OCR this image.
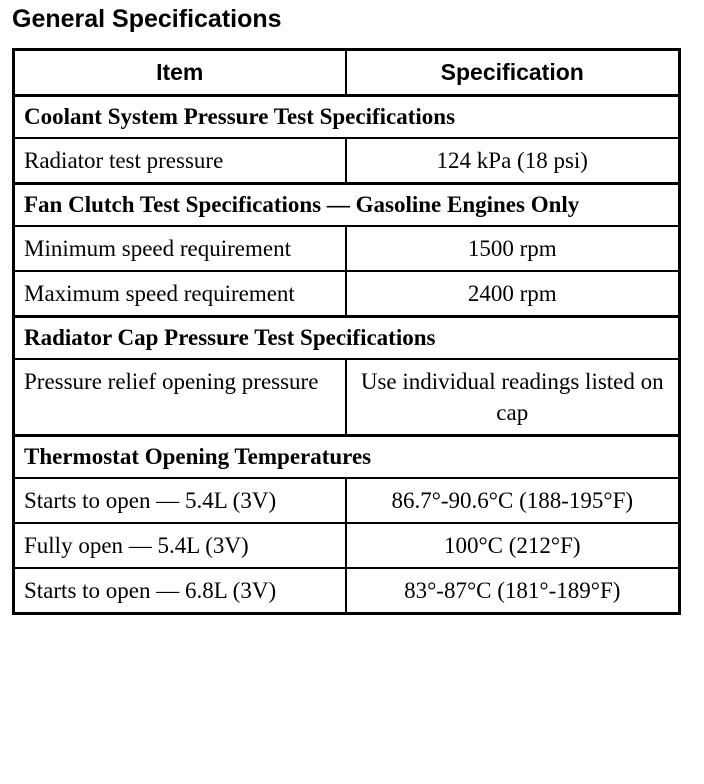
General Specifications
Item	Specification
Coolant System Pressure Test Specifications	
Radiator test pressure	124 kPa (18 psi)
Fan Clutch Test Specifications — Gasoline Engines Only	
Minimum speed requirement	1500 rpm
Maximum speed requirement	2400 rpm
Radiator Cap Pressure Test Specifications	
Pressure relief opening pressure	Use individual readings listed on cap
Thermostat Opening Temperatures	
Starts to open — 5.4L (3V)	86.7°-90.6°C (188-195°F)
Fully open — 5.4L (3V)	100°C (212°F)
Starts to open — 6.8L (3V)	83°-87°C (181°-189°F)
